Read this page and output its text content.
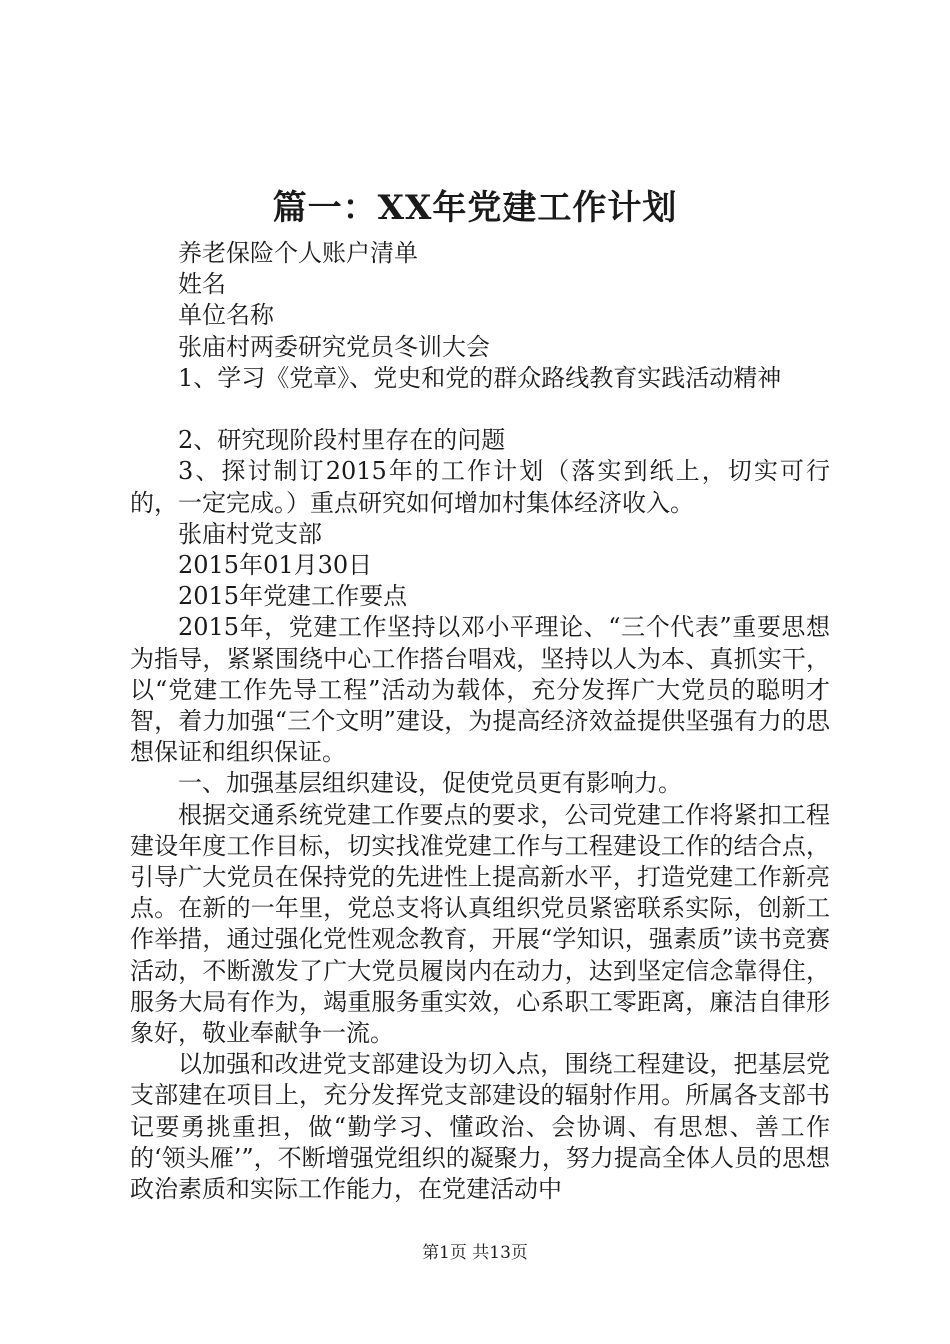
篇一：XX年党建工作计划

养老保险个人账户清单

姓名

单位名称

张庙村两委研究党员冬训大会

1、学习《党章》、党史和党的群众路线教育实践活动精神

2、研究现阶段村里存在的问题

3、探讨制订2015年的工作计划（落实到纸上，切实可行的，一定完成。）重点研究如何增加村集体经济收入。

张庙村党支部

2015年01月30日

2015年党建工作要点

2015年，党建工作坚持以邓小平理论、“三个代表”重要思想为指导，紧紧围绕中心工作搭台唱戏，坚持以人为本、真抓实干，以“党建工作先导工程”活动为载体，充分发挥广大党员的聪明才智，着力加强“三个文明”建设，为提高经济效益提供坚强有力的思想保证和组织保证。

一、加强基层组织建设，促使党员更有影响力。

根据交通系统党建工作要点的要求，公司党建工作将紧扣工程建设年度工作目标，切实找准党建工作与工程建设工作的结合点，引导广大党员在保持党的先进性上提高新水平，打造党建工作新亮点。在新的一年里，党总支将认真组织党员紧密联系实际，创新工作举措，通过强化党性观念教育，开展“学知识，强素质”读书竞赛活动，不断激发了广大党员履岗内在动力，达到坚定信念靠得住，服务大局有作为，竭重服务重实效，心系职工零距离，廉洁自律形象好，敬业奉献争一流。

以加强和改进党支部建设为切入点，围绕工程建设，把基层党支部建在项目上，充分发挥党支部建设的辐射作用。所属各支部书记要勇挑重担，做“勤学习、懂政治、会协调、有思想、善工作的‘领头雁’”，不断增强党组织的凝聚力，努力提高全体人员的思想政治素质和实际工作能力，在党建活动中

第1页 共13页
